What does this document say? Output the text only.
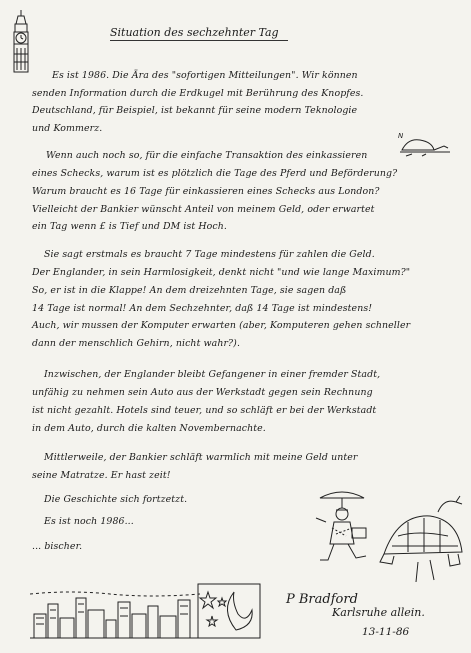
Situation des sechzehnter Tag
Es ist 1986. Die Ära des "sofortigen Mitteilungen". Wir können
senden Information durch die Erdkugel mit Berührung des Knopfes.
Deutschland, für Beispiel, ist bekannt für seine modern Teknologie
und Kommerz.
Wenn auch noch so, für die einfache Transaktion des einkassieren
eines Schecks, warum ist es plötzlich die Tage des Pferd und Beförderung?
Warum braucht es 16 Tage für einkassieren eines Schecks aus London?
Vielleicht der Bankier wünscht Anteil von meinem Geld, oder erwartet
ein Tag wenn £ is Tief und DM ist Hoch.
Sie sagt erstmals es braucht 7 Tage mindestens für zahlen die Geld.
Der Englander, in sein Harmlosigkeit, denkt nicht "und wie lange Maximum?"
So, er ist in die Klappe! An dem dreizehnten Tage, sie sagen daß
14 Tage ist normal! An dem Sechzehnter, daß 14 Tage ist mindestens!
Auch, wir mussen der Komputer erwarten (aber, Komputeren gehen schneller
dann der menschlich Gehirn, nicht wahr?).
Inzwischen, der Englander bleibt Gefangener in einer fremder Stadt,
unfähig zu nehmen sein Auto aus der Werkstadt gegen sein Rechnung
ist nicht gezahlt. Hotels sind teuer, und so schläft er bei der Werkstadt
in dem Auto, durch die kalten Novembernachte.
Mittlerweile, der Bankier schläft warmlich mit meine Geld unter
seine Matratze. Er hast zeit!
Die Geschichte sich fortzetzt.
Es ist noch 1986...
... bischer.
N
P Bradford
Karlsruhe allein.
13-11-86
